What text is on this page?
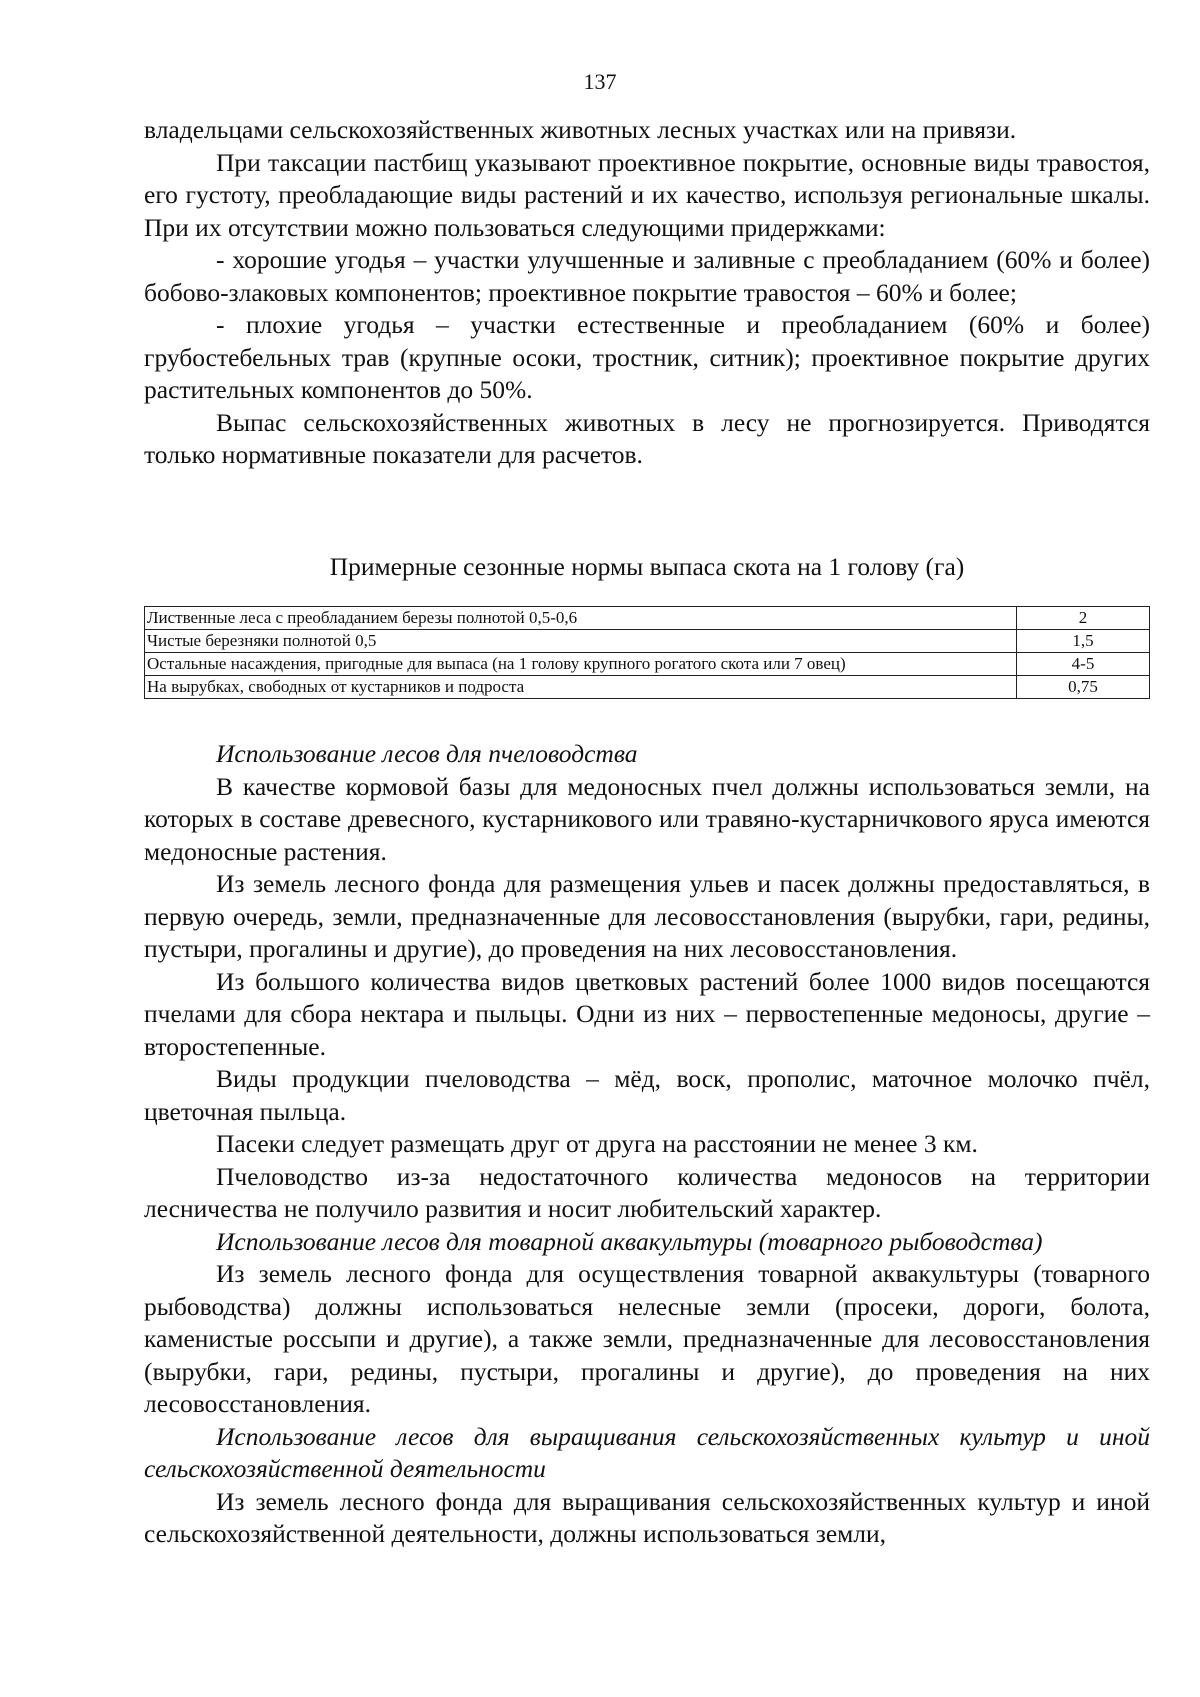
137

владельцами сельскохозяйственных животных лесных участках или на привязи.

При таксации пастбищ указывают проективное покрытие, основные виды травостоя, его густоту, преобладающие виды растений и их качество, используя региональные шкалы. При их отсутствии можно пользоваться следующими придержками:

- хорошие угодья – участки улучшенные и заливные с преобладанием (60% и более) бобово-злаковых компонентов; проективное покрытие травостоя – 60% и более;

- плохие угодья – участки естественные и преобладанием (60% и более) грубостебельных трав (крупные осоки, тростник, ситник); проективное покрытие других растительных компонентов до 50%.

Выпас сельскохозяйственных животных в лесу не прогнозируется. Приводятся только нормативные показатели для расчетов.

Примерные сезонные нормы выпаса скота на 1 голову (га)

Лиственные леса с преобладанием березы полнотой 0,5-0,6	2
Чистые березняки полнотой 0,5	1,5
Остальные насаждения, пригодные для выпаса (на 1 голову крупного рогатого скота или 7 овец)	4-5
На вырубках, свободных от кустарников и подроста	0,75

Использование лесов для пчеловодства

В качестве кормовой базы для медоносных пчел должны использоваться земли, на которых в составе древесного, кустарникового или травяно-кустарничкового яруса имеются медоносные растения.

Из земель лесного фонда для размещения ульев и пасек должны предоставляться, в первую очередь, земли, предназначенные для лесовосстановления (вырубки, гари, редины, пустыри, прогалины и другие), до проведения на них лесовосстановления.

Из большого количества видов цветковых растений более 1000 видов посещаются пчелами для сбора нектара и пыльцы. Одни из них – первостепенные медоносы, другие – второстепенные.

Виды продукции пчеловодства – мёд, воск, прополис, маточное молочко пчёл, цветочная пыльца.

Пасеки следует размещать друг от друга на расстоянии не менее 3 км.

Пчеловодство из-за недостаточного количества медоносов на территории лесничества не получило развития и носит любительский характер.

Использование лесов для товарной аквакультуры (товарного рыбоводства)

Из земель лесного фонда для осуществления товарной аквакультуры (товарного рыбоводства) должны использоваться нелесные земли (просеки, дороги, болота, каменистые россыпи и другие), а также земли, предназначенные для лесовосстановления (вырубки, гари, редины, пустыри, прогалины и другие), до проведения на них лесовосстановления.

Использование лесов для выращивания сельскохозяйственных культур и иной сельскохозяйственной деятельности

Из земель лесного фонда для выращивания сельскохозяйственных культур и иной сельскохозяйственной деятельности, должны использоваться земли,
